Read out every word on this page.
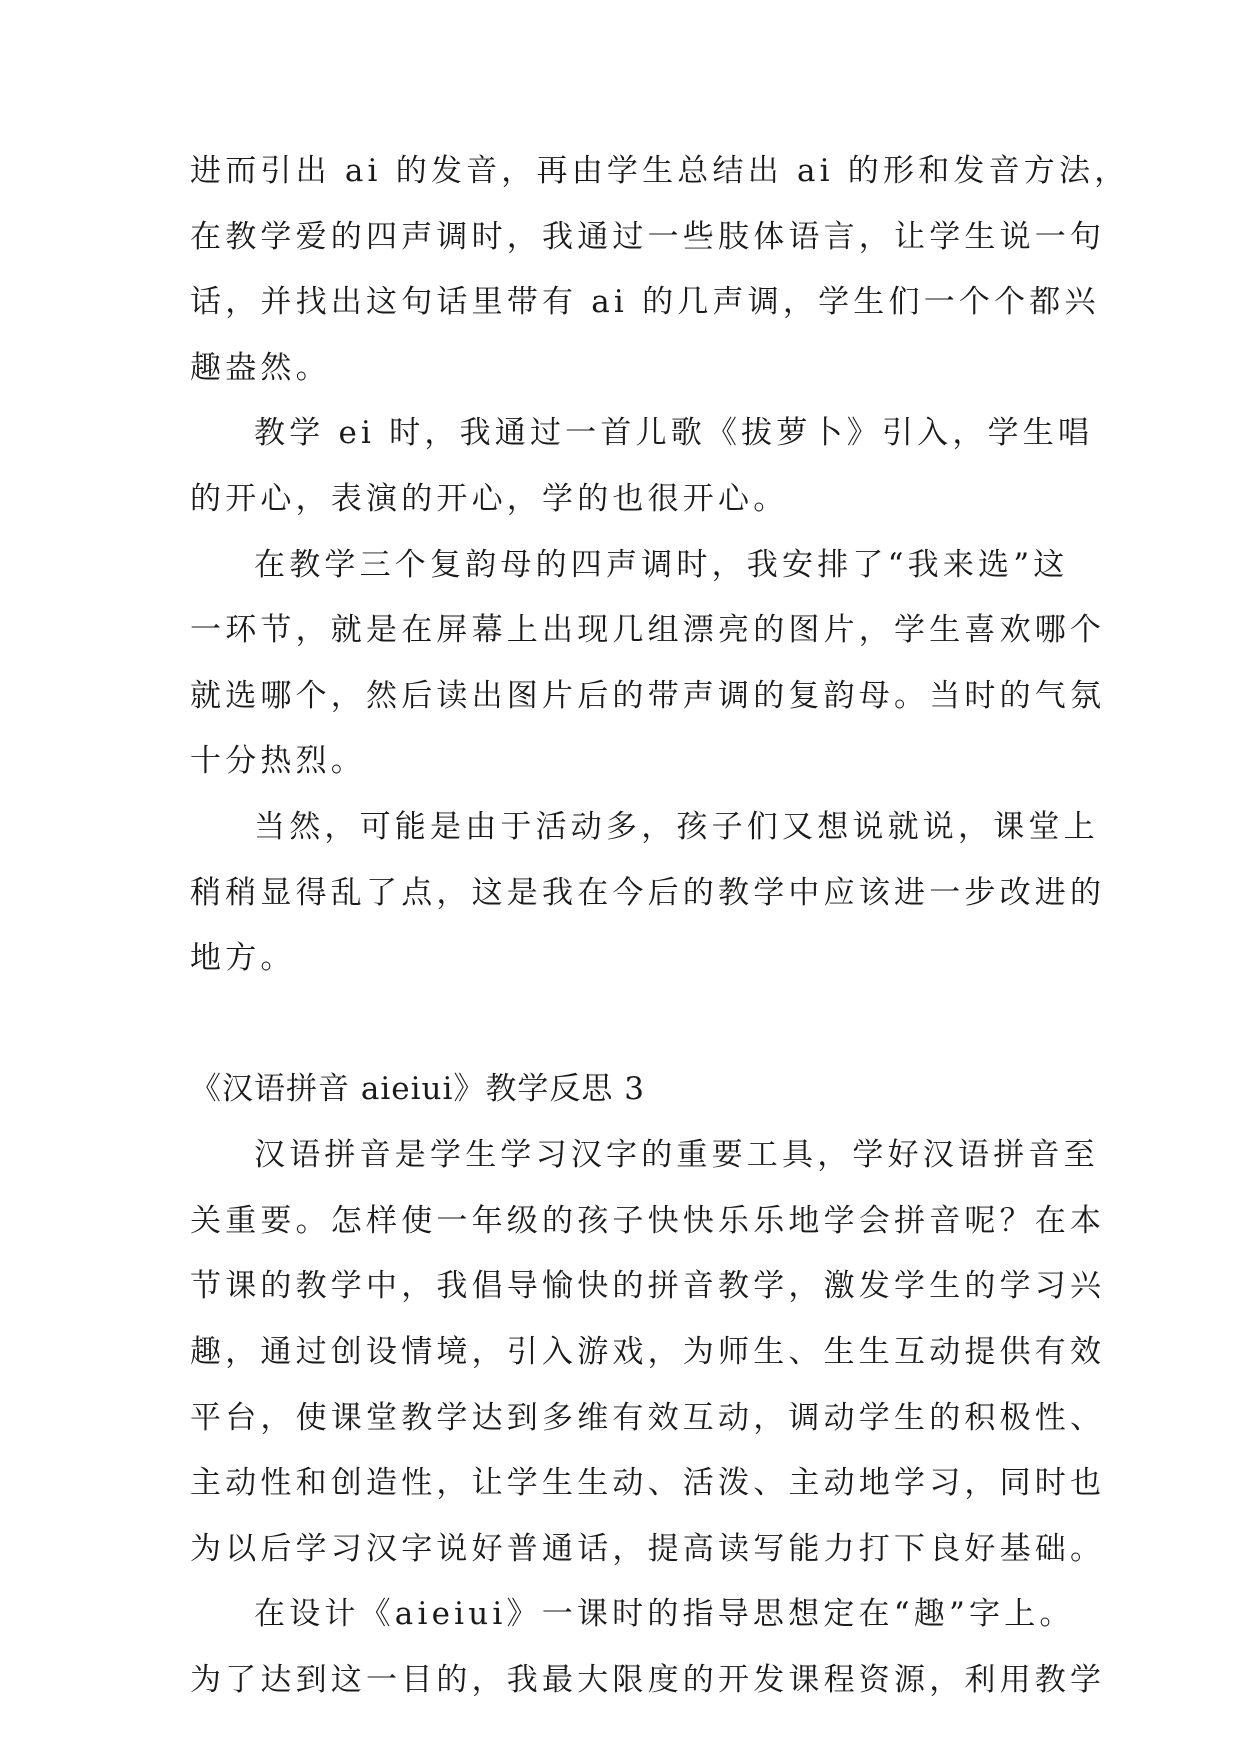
进而引出 ai 的发音，再由学生总结出 ai 的形和发音方法，
在教学爱的四声调时，我通过一些肢体语言，让学生说一句
话，并找出这句话里带有 ai 的几声调，学生们一个个都兴
趣盎然。
教学 ei 时，我通过一首儿歌《拔萝卜》引入，学生唱
的开心，表演的开心，学的也很开心。
在教学三个复韵母的四声调时，我安排了“我来选”这
一环节，就是在屏幕上出现几组漂亮的图片，学生喜欢哪个
就选哪个，然后读出图片后的带声调的复韵母。当时的气氛
十分热烈。
当然，可能是由于活动多，孩子们又想说就说，课堂上
稍稍显得乱了点，这是我在今后的教学中应该进一步改进的
地方。
《汉语拼音 aieiui》教学反思 3
汉语拼音是学生学习汉字的重要工具，学好汉语拼音至
关重要。怎样使一年级的孩子快快乐乐地学会拼音呢？在本
节课的教学中，我倡导愉快的拼音教学，激发学生的学习兴
趣，通过创设情境，引入游戏，为师生、生生互动提供有效
平台，使课堂教学达到多维有效互动，调动学生的积极性、
主动性和创造性，让学生生动、活泼、主动地学习，同时也
为以后学习汉字说好普通话，提高读写能力打下良好基础。
在设计《aieiui》一课时的指导思想定在“趣”字上。
为了达到这一目的，我最大限度的开发课程资源，利用教学
